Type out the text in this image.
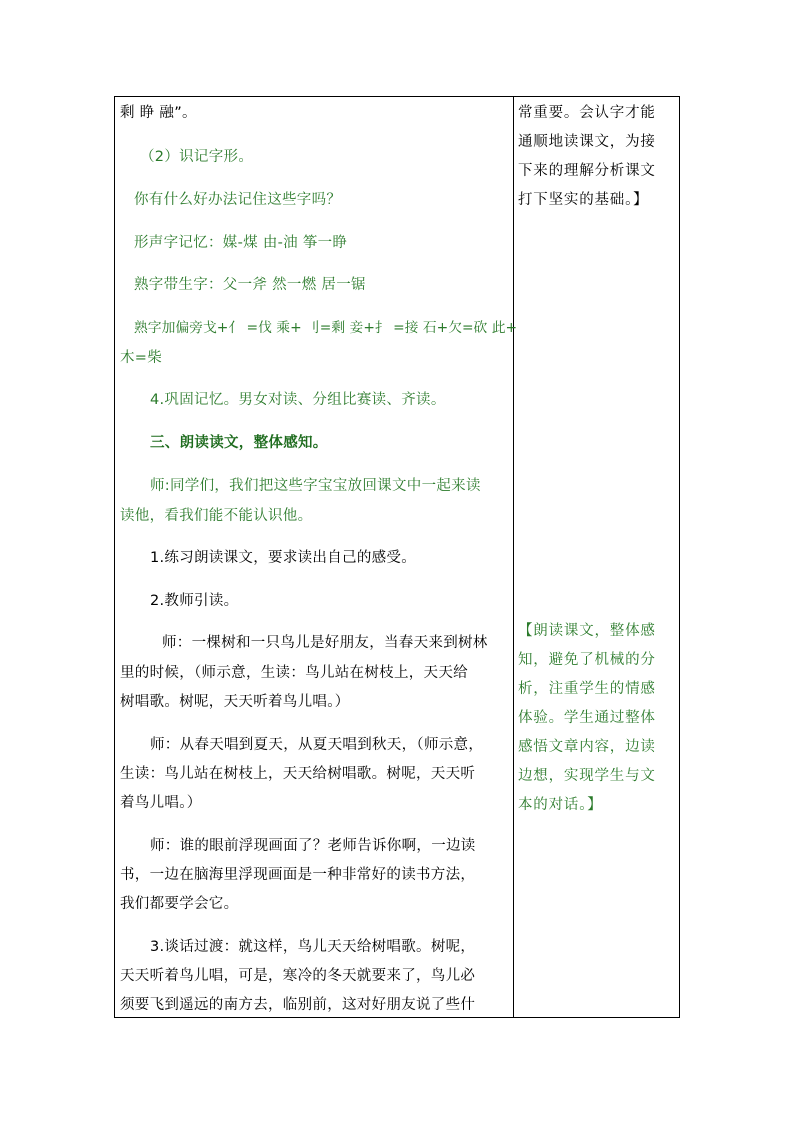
剩 睁 融”。
（2）识记字形。
你有什么好办法记住这些字吗？
形声字记忆：媒-煤 由-油 筝一睁
熟字带生字：父一斧 然一燃 居一锯
熟字加偏旁戈+亻 =伐 乘+ 刂=剩 妾+扌 =接 石+欠=砍 此+
木=柴
4.巩固记忆。男女对读、分组比赛读、齐读。
三、朗读读文，整体感知。
师:同学们，我们把这些字宝宝放回课文中一起来读
读他，看我们能不能认识他。
1.练习朗读课文，要求读出自己的感受。
2.教师引读。
师：一棵树和一只鸟儿是好朋友，当春天来到树林
里的时候，（师示意，生读：鸟儿站在树枝上，天天给
树唱歌。树呢，天天听着鸟儿唱。）
师：从春天唱到夏天，从夏天唱到秋天，（师示意，
生读：鸟儿站在树枝上，天天给树唱歌。树呢，天天听
着鸟儿唱。）
师：谁的眼前浮现画面了？老师告诉你啊，一边读
书，一边在脑海里浮现画面是一种非常好的读书方法，
我们都要学会它。
3.谈话过渡：就这样，鸟儿天天给树唱歌。树呢，
天天听着鸟儿唱，可是，寒冷的冬天就要来了，鸟儿必
须要飞到遥远的南方去，临别前，这对好朋友说了些什
常重要。会认字才能
通顺地读课文，为接
下来的理解分析课文
打下坚实的基础。】
【朗读课文，整体感
知，避免了机械的分
析，注重学生的情感
体验。学生通过整体
感悟文章内容，边读
边想，实现学生与文
本的对话。】
